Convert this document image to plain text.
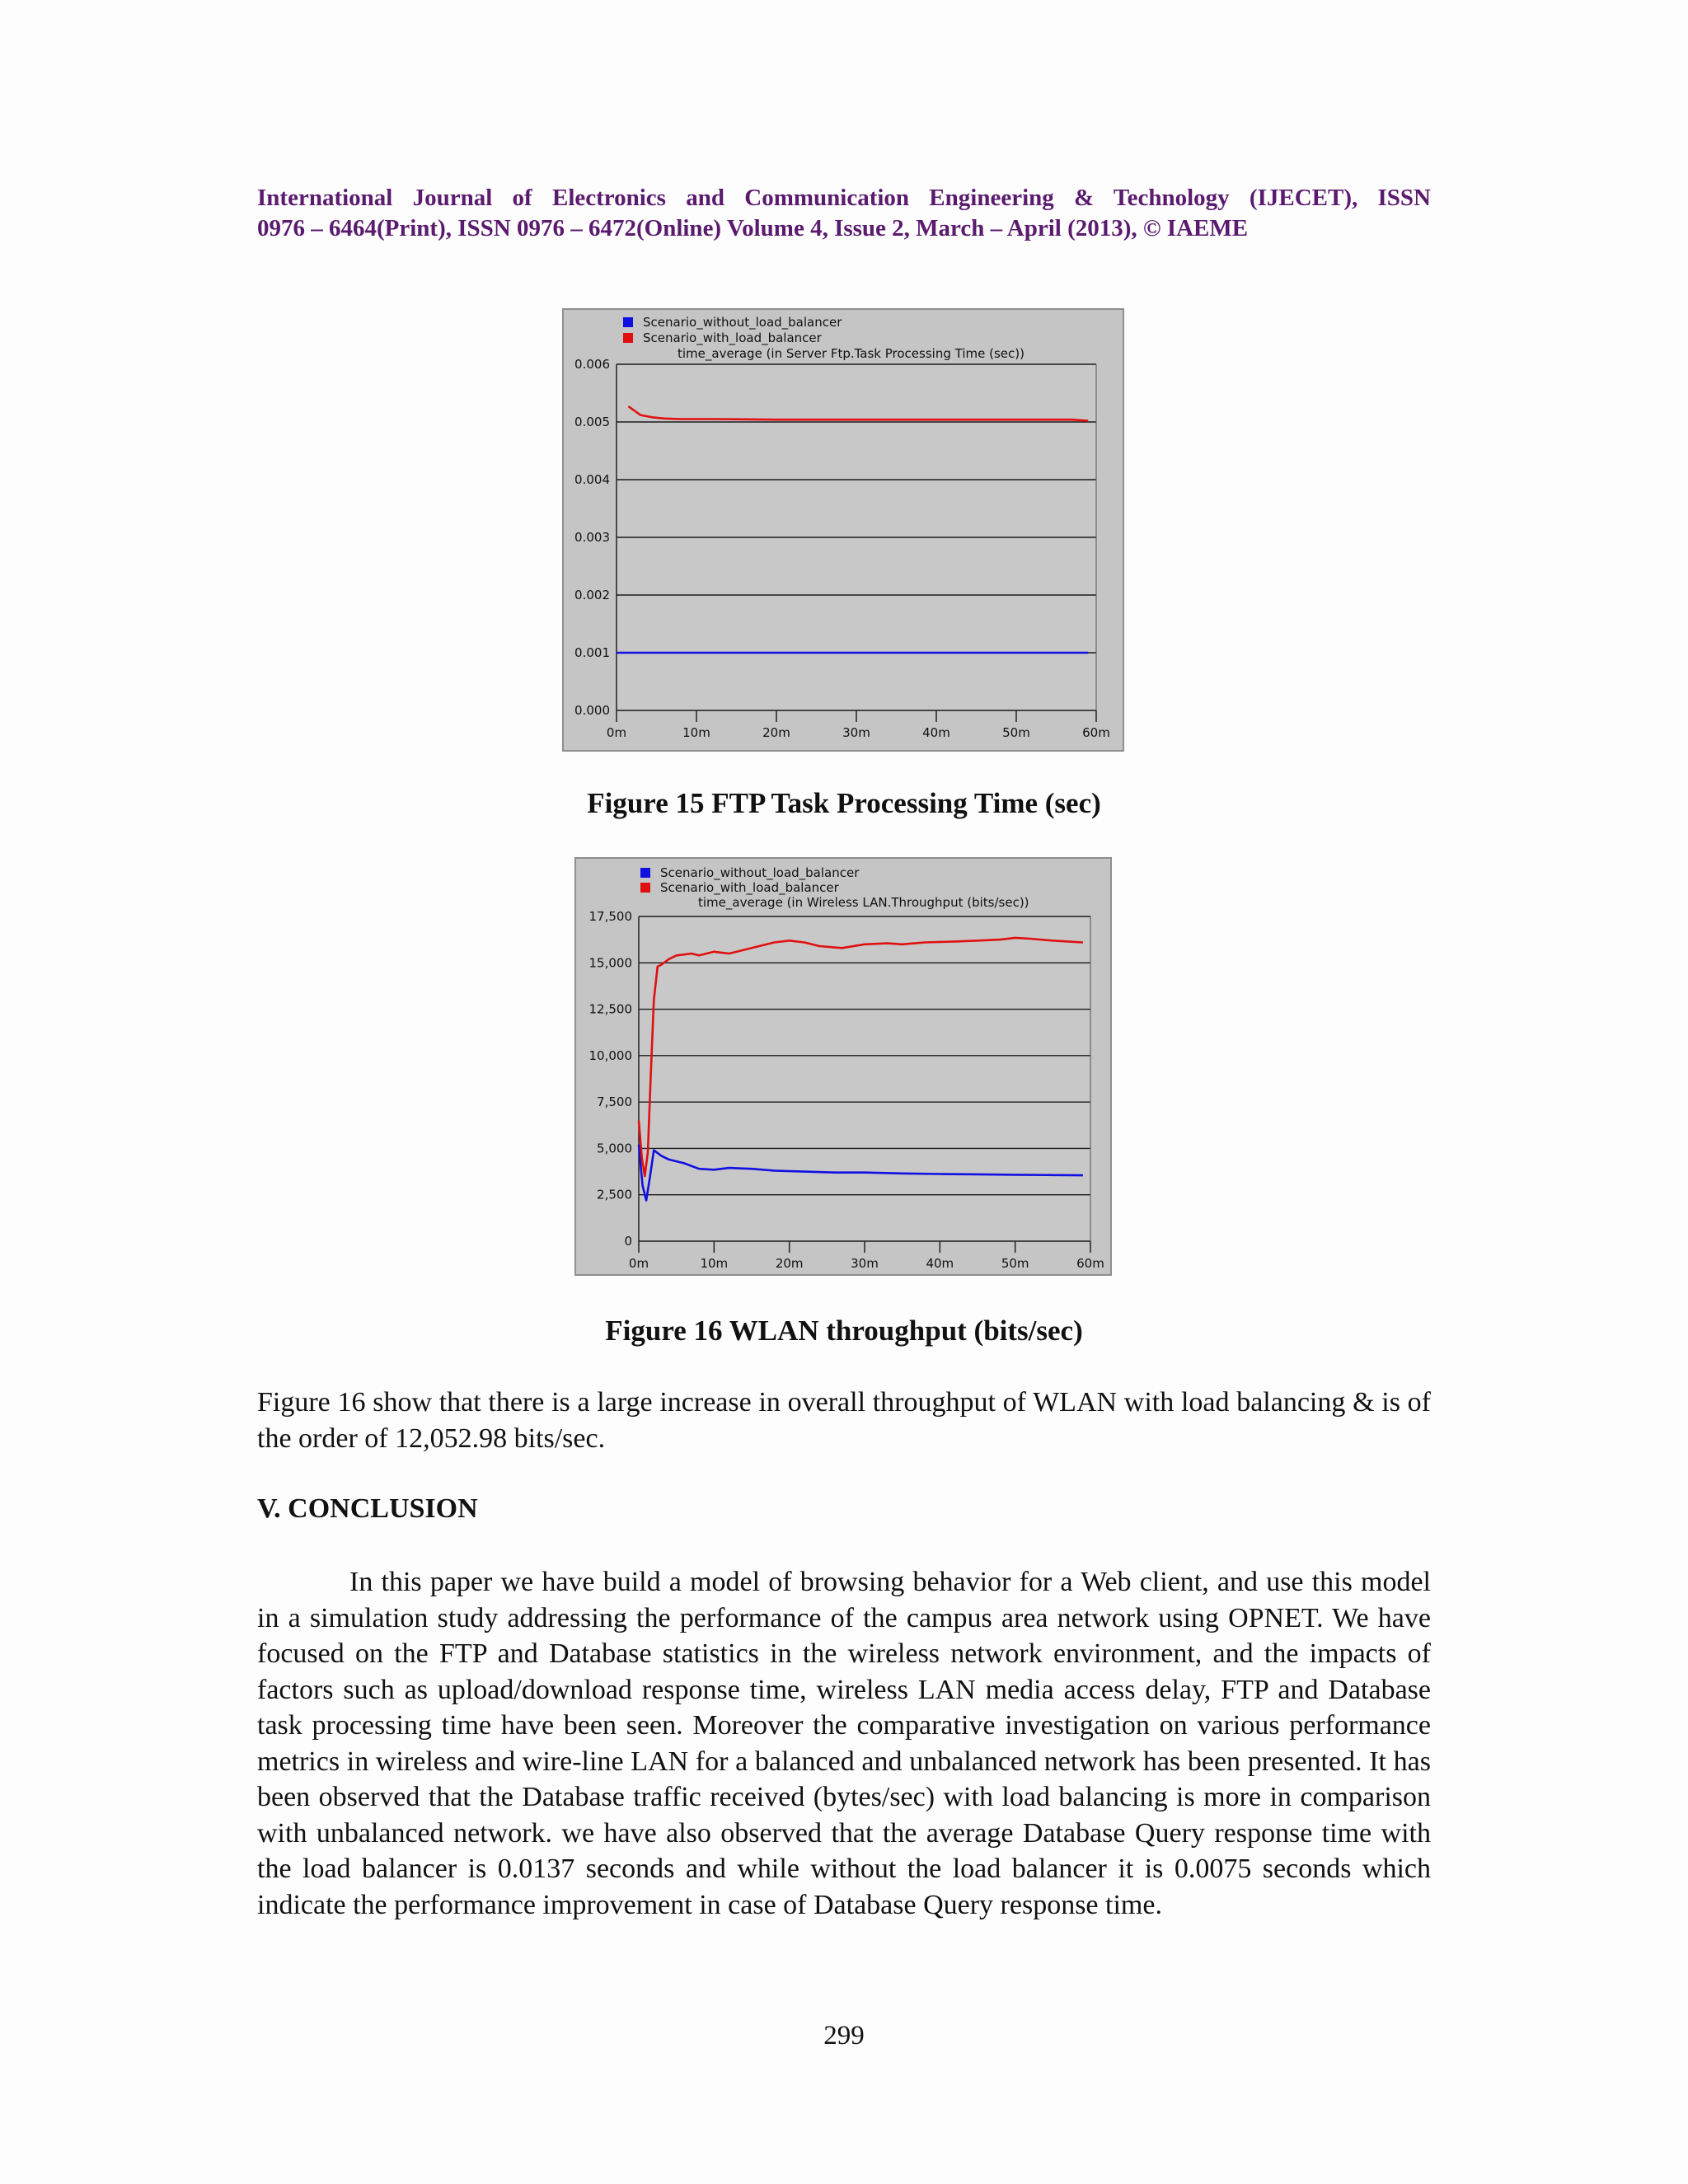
International Journal of Electronics and Communication Engineering & Technology (IJECET), ISSN
0976 – 6464(Print), ISSN 0976 – 6472(Online) Volume 4, Issue 2, March – April (2013), © IAEME
0.000
0.001
0.002
0.003
0.004
0.005
0.006
0m	10m	20m	30m	40m	50m	60m
Scenario_without_load_balancer
Scenario_with_load_balancer
time_average (in Server Ftp.Task Processing Time (sec))
Figure 15 FTP Task Processing Time (sec)
0
2,500
5,000
7,500
10,000
12,500
15,000
17,500
0m	10m	20m	30m	40m	50m	60m
Scenario_without_load_balancer
Scenario_with_load_balancer
time_average (in Wireless LAN.Throughput (bits/sec))
Figure 16 WLAN throughput (bits/sec)
Figure 16 show that there is a large increase in overall throughput of WLAN with load balancing & is of the order of 12,052.98 bits/sec.
V. CONCLUSION
In this paper we have build a model of browsing behavior for a Web client, and use this model in a simulation study addressing the performance of the campus area network using OPNET. We have focused on the FTP and Database statistics in the wireless network environment, and the impacts of factors such as upload/download response time, wireless LAN media access delay, FTP and Database task processing time have been seen. Moreover the comparative investigation on various performance metrics in wireless and wire-line LAN for a balanced and unbalanced network has been presented. It has been observed that the Database traffic received (bytes/sec) with load balancing is more in comparison with unbalanced network. we have also observed that the average Database Query response time with the load balancer is 0.0137 seconds and while without the load balancer it is 0.0075 seconds which indicate the performance improvement in case of Database Query response time.
299
